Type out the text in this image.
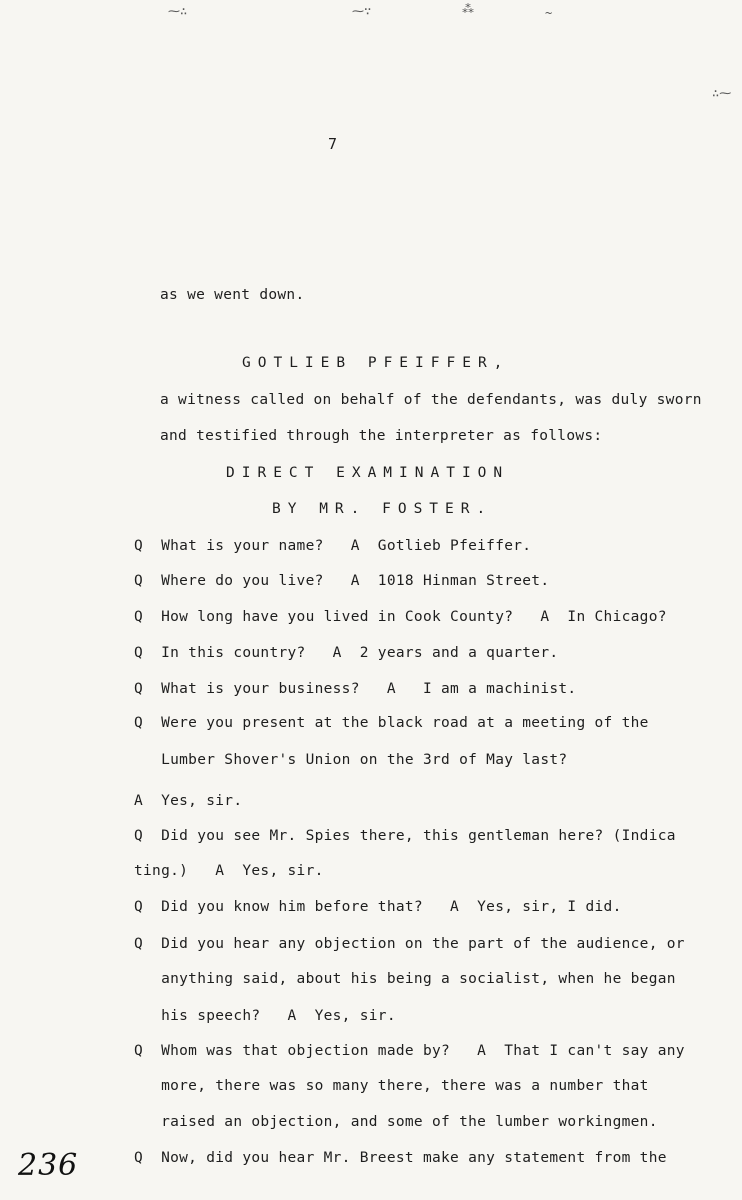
⁓∴	⁓∵	⁂	~
∴⁓
7
as we went down.
GOTLIEB PFEIFFER,
a witness called on behalf of the defendants, was duly sworn
and testified through the interpreter as follows:
DIRECT EXAMINATION
BY MR. FOSTER.
Q  What is your name?   A  Gotlieb Pfeiffer.
Q  Where do you live?   A  1018 Hinman Street.
Q  How long have you lived in Cook County?   A  In Chicago?
Q  In this country?   A  2 years and a quarter.
Q  What is your business?   A   I am a machinist.
Q  Were you present at the black road at a meeting of the
Lumber Shover's Union on the 3rd of May last?
A  Yes, sir.
Q  Did you see Mr. Spies there, this gentleman here? (Indica
ting.)   A  Yes, sir.
Q  Did you know him before that?   A  Yes, sir, I did.
Q  Did you hear any objection on the part of the audience, or
anything said, about his being a socialist, when he began
his speech?   A  Yes, sir.
Q  Whom was that objection made by?   A  That I can't say any
more, there was so many there, there was a number that
raised an objection, and some of the lumber workingmen.
Q  Now, did you hear Mr. Breest make any statement from the
236
